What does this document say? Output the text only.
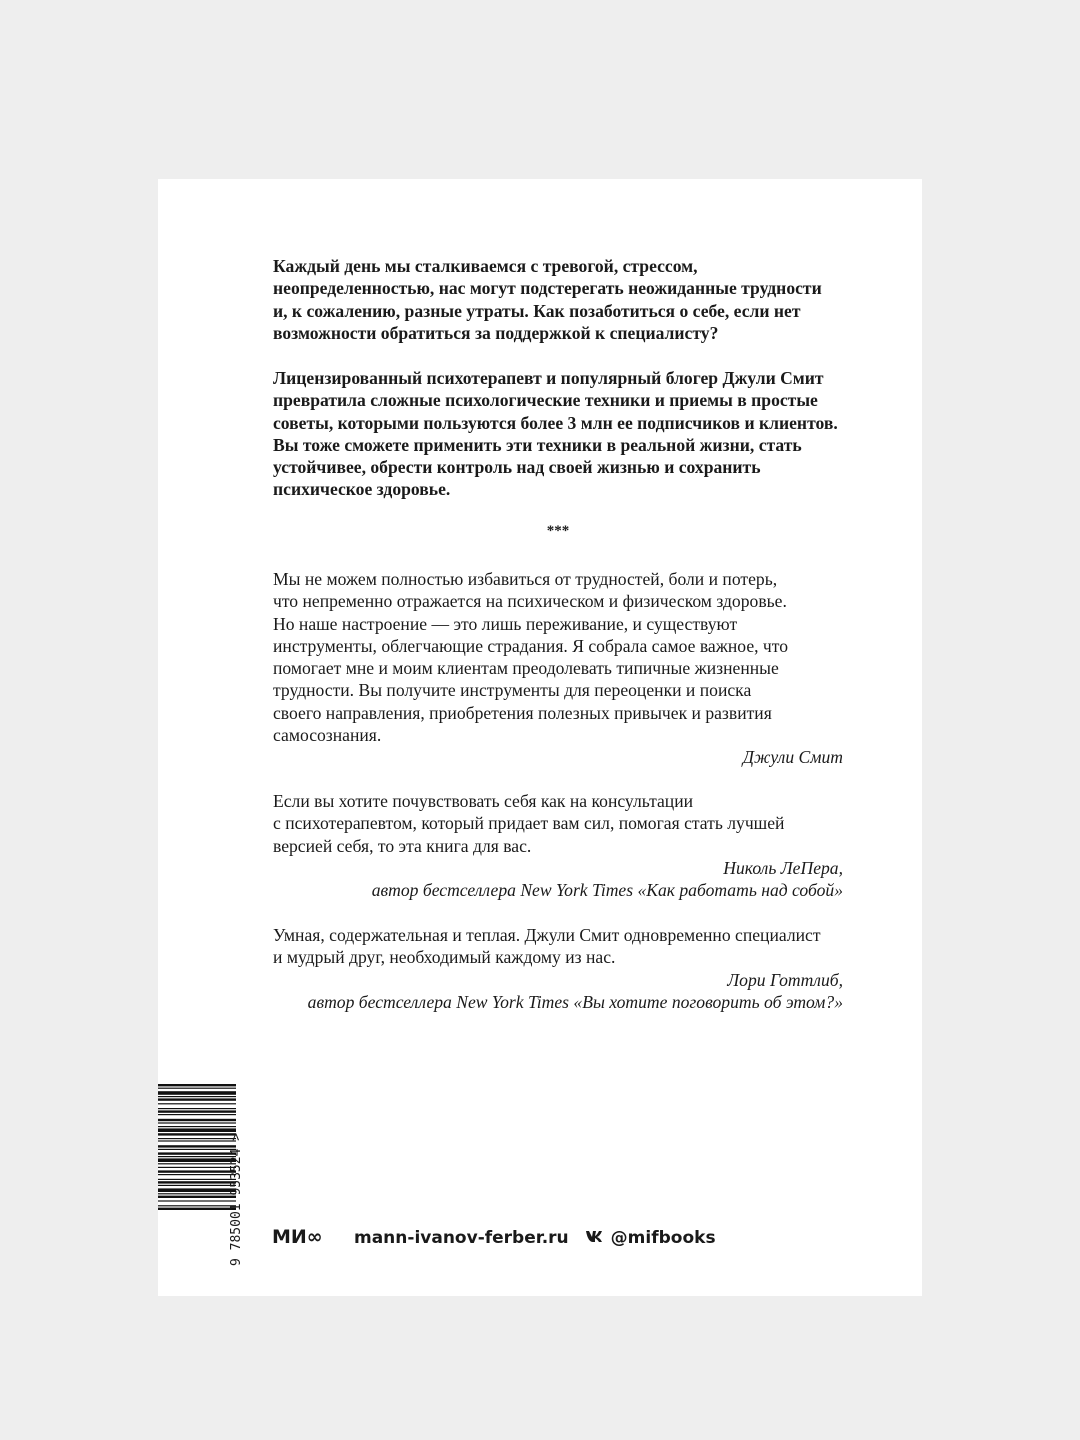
Каждый день мы сталкиваемся с тревогой, стрессом,
неопределенностью, нас могут подстерегать неожиданные трудности
и, к сожалению, разные утраты. Как позаботиться о себе, если нет
возможности обратиться за поддержкой к специалисту?
Лицензированный психотерапевт и популярный блогер Джули Смит
превратила сложные психологические техники и приемы в простые
советы, которыми пользуются более 3 млн ее подписчиков и клиентов.
Вы тоже сможете применить эти техники в реальной жизни, стать
устойчивее, обрести контроль над своей жизнью и сохранить
психическое здоровье.
***
Мы не можем полностью избавиться от трудностей, боли и потерь,
что непременно отражается на психическом и физическом здоровье.
Но наше настроение — это лишь переживание, и существуют
инструменты, облегчающие страдания. Я собрала самое важное, что
помогает мне и моим клиентам преодолевать типичные жизненные
трудности. Вы получите инструменты для переоценки и поиска
своего направления, приобретения полезных привычек и развития
самосознания.
Джули Смит
Если вы хотите почувствовать себя как на консультации
с психотерапевтом, который придает вам сил, помогая стать лучшей
версией себя, то эта книга для вас.
Николь ЛеПера,
автор бестселлера New York Times «Как работать над собой»
Умная, содержательная и теплая. Джули Смит одновременно специалист
и мудрый друг, необходимый каждому из нас.
Лори Готтлиб,
автор бестселлера New York Times «Вы хотите поговорить об этом?»
9 785001 953524 > МИ∞ mann-ivanov-ferber.ru @mifbooks
